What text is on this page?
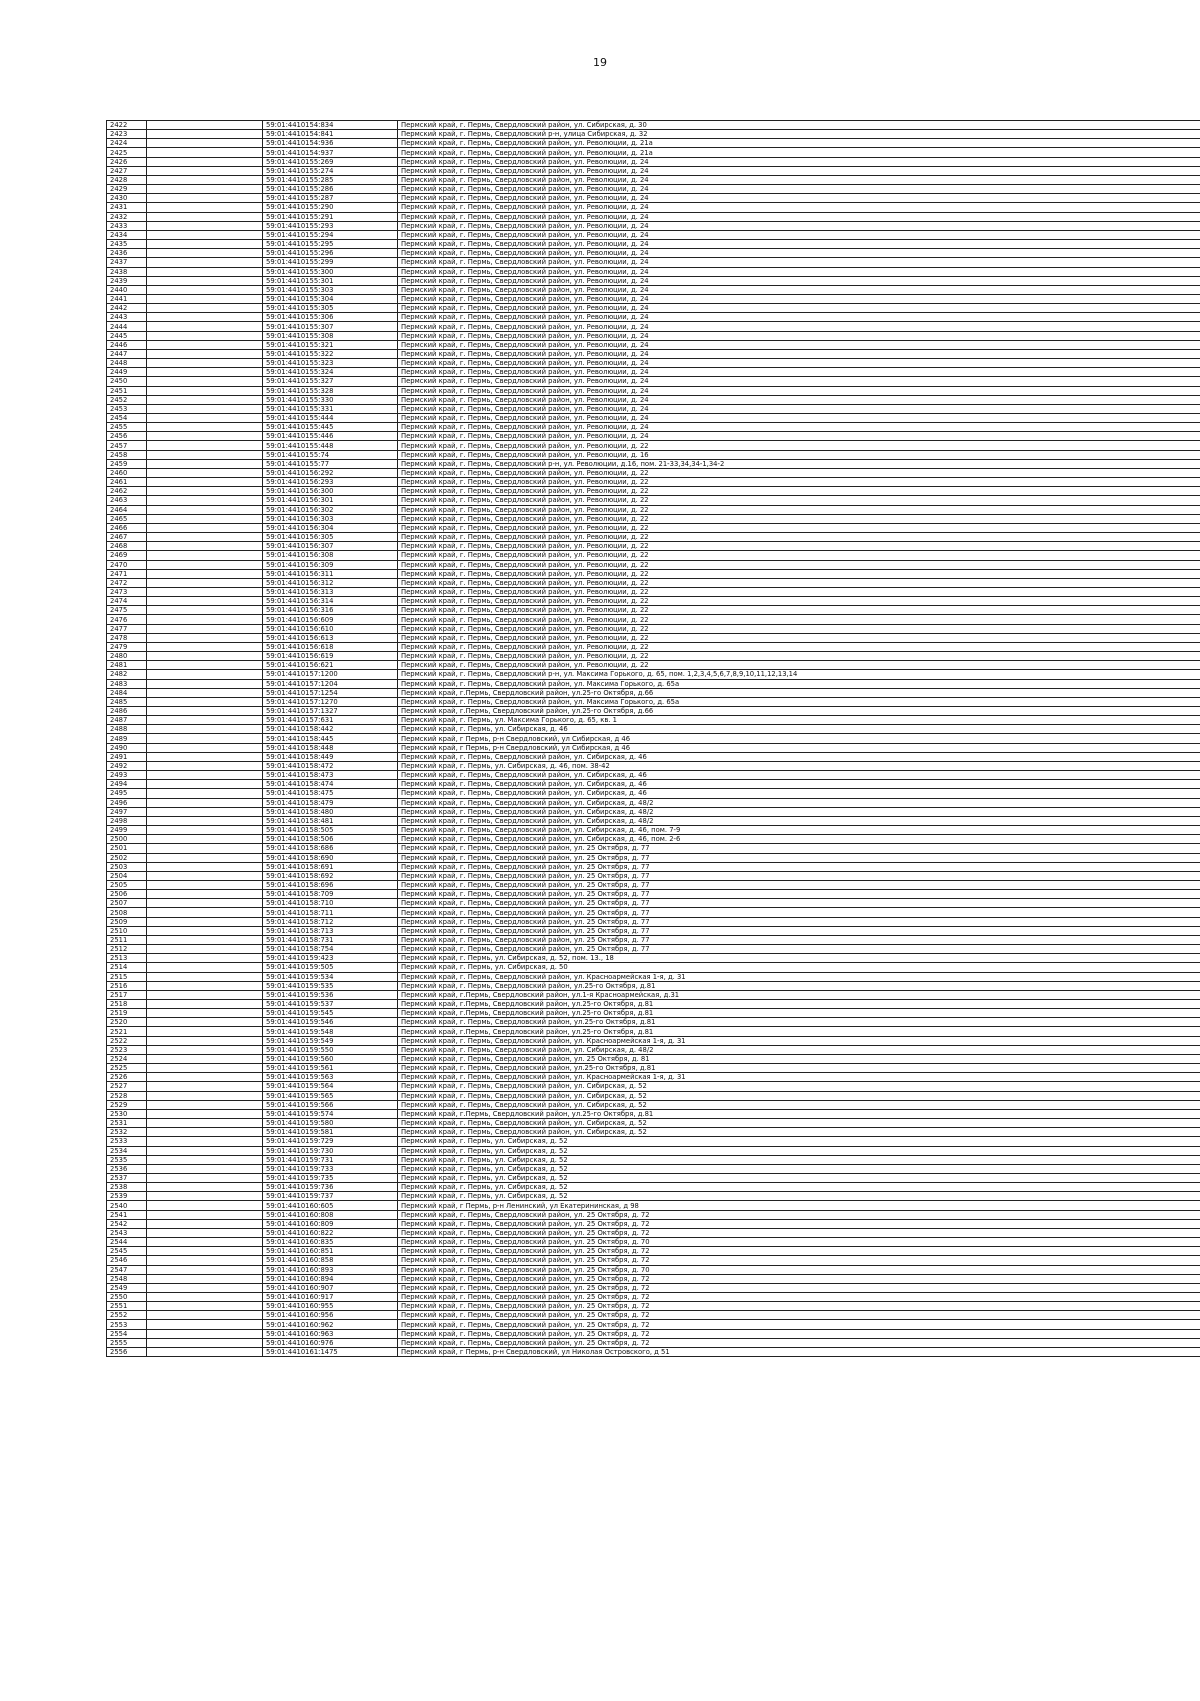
19
2422		59:01:4410154:834	Пермский край, г. Пермь, Свердловский район, ул. Сибирская, д. 30
2423		59:01:4410154:841	Пермский край, г. Пермь, Свердловский р-н, улица Сибирская, д. 32
2424		59:01:4410154:936	Пермский край, г. Пермь, Свердловский район, ул. Революции, д. 21а
2425		59:01:4410154:937	Пермский край, г. Пермь, Свердловский район, ул. Революции, д. 21а
2426		59:01:4410155:269	Пермский край, г. Пермь, Свердловский район, ул. Революции, д. 24
2427		59:01:4410155:274	Пермский край, г. Пермь, Свердловский район, ул. Революции, д. 24
2428		59:01:4410155:285	Пермский край, г. Пермь, Свердловский район, ул. Революции, д. 24
2429		59:01:4410155:286	Пермский край, г. Пермь, Свердловский район, ул. Революции, д. 24
2430		59:01:4410155:287	Пермский край, г. Пермь, Свердловский район, ул. Революции, д. 24
2431		59:01:4410155:290	Пермский край, г. Пермь, Свердловский район, ул. Революции, д. 24
2432		59:01:4410155:291	Пермский край, г. Пермь, Свердловский район, ул. Революции, д. 24
2433		59:01:4410155:293	Пермский край, г. Пермь, Свердловский район, ул. Революции, д. 24
2434		59:01:4410155:294	Пермский край, г. Пермь, Свердловский район, ул. Революции, д. 24
2435		59:01:4410155:295	Пермский край, г. Пермь, Свердловский район, ул. Революции, д. 24
2436		59:01:4410155:296	Пермский край, г. Пермь, Свердловский район, ул. Революции, д. 24
2437		59:01:4410155:299	Пермский край, г. Пермь, Свердловский район, ул. Революции, д. 24
2438		59:01:4410155:300	Пермский край, г. Пермь, Свердловский район, ул. Революции, д. 24
2439		59:01:4410155:301	Пермский край, г. Пермь, Свердловский район, ул. Революции, д. 24
2440		59:01:4410155:303	Пермский край, г. Пермь, Свердловский район, ул. Революции, д. 24
2441		59:01:4410155:304	Пермский край, г. Пермь, Свердловский район, ул. Революции, д. 24
2442		59:01:4410155:305	Пермский край, г. Пермь, Свердловский район, ул. Революции, д. 24
2443		59:01:4410155:306	Пермский край, г. Пермь, Свердловский район, ул. Революции, д. 24
2444		59:01:4410155:307	Пермский край, г. Пермь, Свердловский район, ул. Революции, д. 24
2445		59:01:4410155:308	Пермский край, г. Пермь, Свердловский район, ул. Революции, д. 24
2446		59:01:4410155:321	Пермский край, г. Пермь, Свердловский район, ул. Революции, д. 24
2447		59:01:4410155:322	Пермский край, г. Пермь, Свердловский район, ул. Революции, д. 24
2448		59:01:4410155:323	Пермский край, г. Пермь, Свердловский район, ул. Революции, д. 24
2449		59:01:4410155:324	Пермский край, г. Пермь, Свердловский район, ул. Революции, д. 24
2450		59:01:4410155:327	Пермский край, г. Пермь, Свердловский район, ул. Революции, д. 24
2451		59:01:4410155:328	Пермский край, г. Пермь, Свердловский район, ул. Революции, д. 24
2452		59:01:4410155:330	Пермский край, г. Пермь, Свердловский район, ул. Революции, д. 24
2453		59:01:4410155:331	Пермский край, г. Пермь, Свердловский район, ул. Революции, д. 24
2454		59:01:4410155:444	Пермский край, г. Пермь, Свердловский район, ул. Революции, д. 24
2455		59:01:4410155:445	Пермский край, г. Пермь, Свердловский район, ул. Революции, д. 24
2456		59:01:4410155:446	Пермский край, г. Пермь, Свердловский район, ул. Революции, д. 24
2457		59:01:4410155:448	Пермский край, г. Пермь, Свердловский район, ул. Революции, д. 22
2458		59:01:4410155:74	Пермский край, г. Пермь, Свердловский район, ул. Революции, д. 16
2459		59:01:4410155:77	Пермский край, г. Пермь, Свердловский р-н, ул. Революции, д.16, пом. 21-33,34,34-1,34-2
2460		59:01:4410156:292	Пермский край, г. Пермь, Свердловский район, ул. Революции, д. 22
2461		59:01:4410156:293	Пермский край, г. Пермь, Свердловский район, ул. Революции, д. 22
2462		59:01:4410156:300	Пермский край, г. Пермь, Свердловский район, ул. Революции, д. 22
2463		59:01:4410156:301	Пермский край, г. Пермь, Свердловский район, ул. Революции, д. 22
2464		59:01:4410156:302	Пермский край, г. Пермь, Свердловский район, ул. Революции, д. 22
2465		59:01:4410156:303	Пермский край, г. Пермь, Свердловский район, ул. Революции, д. 22
2466		59:01:4410156:304	Пермский край, г. Пермь, Свердловский район, ул. Революции, д. 22
2467		59:01:4410156:305	Пермский край, г. Пермь, Свердловский район, ул. Революции, д. 22
2468		59:01:4410156:307	Пермский край, г. Пермь, Свердловский район, ул. Революции, д. 22
2469		59:01:4410156:308	Пермский край, г. Пермь, Свердловский район, ул. Революции, д. 22
2470		59:01:4410156:309	Пермский край, г. Пермь, Свердловский район, ул. Революции, д. 22
2471		59:01:4410156:311	Пермский край, г. Пермь, Свердловский район, ул. Революции, д. 22
2472		59:01:4410156:312	Пермский край, г. Пермь, Свердловский район, ул. Революции, д. 22
2473		59:01:4410156:313	Пермский край, г. Пермь, Свердловский район, ул. Революции, д. 22
2474		59:01:4410156:314	Пермский край, г. Пермь, Свердловский район, ул. Революции, д. 22
2475		59:01:4410156:316	Пермский край, г. Пермь, Свердловский район, ул. Революции, д. 22
2476		59:01:4410156:609	Пермский край, г. Пермь, Свердловский район, ул. Революции, д. 22
2477		59:01:4410156:610	Пермский край, г. Пермь, Свердловский район, ул. Революции, д. 22
2478		59:01:4410156:613	Пермский край, г. Пермь, Свердловский район, ул. Революции, д. 22
2479		59:01:4410156:618	Пермский край, г. Пермь, Свердловский район, ул. Революции, д. 22
2480		59:01:4410156:619	Пермский край, г. Пермь, Свердловский район, ул. Революции, д. 22
2481		59:01:4410156:621	Пермский край, г. Пермь, Свердловский район, ул. Революции, д. 22
2482		59:01:4410157:1200	Пермский край, г. Пермь, Свердловский р-н, ул. Максима Горького, д. 65, пом. 1,2,3,4,5,6,7,8,9,10,11,12,13,14
2483		59:01:4410157:1204	Пермский край, г. Пермь, Свердловский район, ул. Максима Горького, д. 65а
2484		59:01:4410157:1254	Пермский край, г.Пермь, Свердловский район, ул.25-го Октября, д.66
2485		59:01:4410157:1270	Пермский край, г. Пермь, Свердловский район, ул. Максима Горького, д. 65а
2486		59:01:4410157:1327	Пермский край, г.Пермь, Свердловский район, ул.25-го Октября, д.66
2487		59:01:4410157:631	Пермский край, г. Пермь, ул. Максима Горького, д. 65, кв. 1
2488		59:01:4410158:442	Пермский край, г. Пермь, ул. Сибирская, д. 46
2489		59:01:4410158:445	Пермский край, г Пермь, р-н Свердловский, ул Сибирская, д 46
2490		59:01:4410158:448	Пермский край, г Пермь, р-н Свердловский, ул Сибирская, д 46
2491		59:01:4410158:449	Пермский край, г. Пермь, Свердловский район, ул. Сибирская, д. 46
2492		59:01:4410158:472	Пермский край, г. Пермь, ул. Сибирская, д. 46, пом. 38-42
2493		59:01:4410158:473	Пермский край, г. Пермь, Свердловский район, ул. Сибирская, д. 46
2494		59:01:4410158:474	Пермский край, г. Пермь, Свердловский район, ул. Сибирская, д. 46
2495		59:01:4410158:475	Пермский край, г. Пермь, Свердловский район, ул. Сибирская, д. 46
2496		59:01:4410158:479	Пермский край, г. Пермь, Свердловский район, ул. Сибирская, д. 48/2
2497		59:01:4410158:480	Пермский край, г. Пермь, Свердловский район, ул. Сибирская, д. 48/2
2498		59:01:4410158:481	Пермский край, г. Пермь, Свердловский район, ул. Сибирская, д. 48/2
2499		59:01:4410158:505	Пермский край, г. Пермь, Свердловский район, ул. Сибирская, д. 46, пом. 7-9
2500		59:01:4410158:506	Пермский край, г. Пермь, Свердловский район, ул. Сибирская, д. 46, пом. 2-6
2501		59:01:4410158:686	Пермский край, г. Пермь, Свердловский район, ул. 25 Октября, д. 77
2502		59:01:4410158:690	Пермский край, г. Пермь, Свердловский район, ул. 25 Октября, д. 77
2503		59:01:4410158:691	Пермский край, г. Пермь, Свердловский район, ул. 25 Октября, д. 77
2504		59:01:4410158:692	Пермский край, г. Пермь, Свердловский район, ул. 25 Октября, д. 77
2505		59:01:4410158:696	Пермский край, г. Пермь, Свердловский район, ул. 25 Октября, д. 77
2506		59:01:4410158:709	Пермский край, г. Пермь, Свердловский район, ул. 25 Октября, д. 77
2507		59:01:4410158:710	Пермский край, г. Пермь, Свердловский район, ул. 25 Октября, д. 77
2508		59:01:4410158:711	Пермский край, г. Пермь, Свердловский район, ул. 25 Октября, д. 77
2509		59:01:4410158:712	Пермский край, г. Пермь, Свердловский район, ул. 25 Октября, д. 77
2510		59:01:4410158:713	Пермский край, г. Пермь, Свердловский район, ул. 25 Октября, д. 77
2511		59:01:4410158:731	Пермский край, г. Пермь, Свердловский район, ул. 25 Октября, д. 77
2512		59:01:4410158:754	Пермский край, г. Пермь, Свердловский район, ул. 25 Октября, д. 77
2513		59:01:4410159:423	Пермский край, г. Пермь, ул. Сибирская, д. 52, пом. 13., 18
2514		59:01:4410159:505	Пермский край, г. Пермь, ул. Сибирская, д. 50
2515		59:01:4410159:534	Пермский край, г. Пермь, Свердловский район, ул. Красноармейская 1-я, д. 31
2516		59:01:4410159:535	Пермский край, г. Пермь, Свердловский район, ул.25-го Октября, д.81
2517		59:01:4410159:536	Пермский край, г.Пермь, Свердловский район, ул.1-я Красноармейская, д.31
2518		59:01:4410159:537	Пермский край, г.Пермь, Свердловский район, ул.25-го Октября, д.81
2519		59:01:4410159:545	Пермский край, г.Пермь, Свердловский район, ул.25-го Октября, д.81
2520		59:01:4410159:546	Пермский край, г. Пермь, Свердловский район, ул.25-го Октября, д.81
2521		59:01:4410159:548	Пермский край, г.Пермь, Свердловский район, ул.25-го Октября, д.81
2522		59:01:4410159:549	Пермский край, г. Пермь, Свердловский район, ул. Красноармейская 1-я, д. 31
2523		59:01:4410159:550	Пермский край, г. Пермь, Свердловский район, ул. Сибирская, д. 48/2
2524		59:01:4410159:560	Пермский край, г. Пермь, Свердловский район, ул. 25 Октября, д. 81
2525		59:01:4410159:561	Пермский край, г. Пермь, Свердловский район, ул.25-го Октября, д.81
2526		59:01:4410159:563	Пермский край, г. Пермь, Свердловский район, ул. Красноармейская 1-я, д. 31
2527		59:01:4410159:564	Пермский край, г. Пермь, Свердловский район, ул. Сибирская, д. 52
2528		59:01:4410159:565	Пермский край, г. Пермь, Свердловский район, ул. Сибирская, д. 52
2529		59:01:4410159:566	Пермский край, г. Пермь, Свердловский район, ул. Сибирская, д. 52
2530		59:01:4410159:574	Пермский край, г.Пермь, Свердловский район, ул.25-го Октября, д.81
2531		59:01:4410159:580	Пермский край, г. Пермь, Свердловский район, ул. Сибирская, д. 52
2532		59:01:4410159:581	Пермский край, г. Пермь, Свердловский район, ул. Сибирская, д. 52
2533		59:01:4410159:729	Пермский край, г. Пермь, ул. Сибирская, д. 52
2534		59:01:4410159:730	Пермский край, г. Пермь, ул. Сибирская, д. 52
2535		59:01:4410159:731	Пермский край, г. Пермь, ул. Сибирская, д. 52
2536		59:01:4410159:733	Пермский край, г. Пермь, ул. Сибирская, д. 52
2537		59:01:4410159:735	Пермский край, г. Пермь, ул. Сибирская, д. 52
2538		59:01:4410159:736	Пермский край, г. Пермь, ул. Сибирская, д. 52
2539		59:01:4410159:737	Пермский край, г. Пермь, ул. Сибирская, д. 52
2540		59:01:4410160:605	Пермский край, г Пермь, р-н Ленинский, ул Екатерининская, д 98
2541		59:01:4410160:808	Пермский край, г. Пермь, Свердловский район, ул. 25 Октября, д. 72
2542		59:01:4410160:809	Пермский край, г. Пермь, Свердловский район, ул. 25 Октября, д. 72
2543		59:01:4410160:822	Пермский край, г. Пермь, Свердловский район, ул. 25 Октября, д. 72
2544		59:01:4410160:835	Пермский край, г. Пермь, Свердловский район, ул. 25 Октября, д. 70
2545		59:01:4410160:851	Пермский край, г. Пермь, Свердловский район, ул. 25 Октября, д. 72
2546		59:01:4410160:858	Пермский край, г. Пермь, Свердловский район, ул. 25 Октября, д. 72
2547		59:01:4410160:893	Пермский край, г. Пермь, Свердловский район, ул. 25 Октября, д. 70
2548		59:01:4410160:894	Пермский край, г. Пермь, Свердловский район, ул. 25 Октября, д. 72
2549		59:01:4410160:907	Пермский край, г. Пермь, Свердловский район, ул. 25 Октября, д. 72
2550		59:01:4410160:917	Пермский край, г. Пермь, Свердловский район, ул. 25 Октября, д. 72
2551		59:01:4410160:955	Пермский край, г. Пермь, Свердловский район, ул. 25 Октября, д. 72
2552		59:01:4410160:956	Пермский край, г. Пермь, Свердловский район, ул. 25 Октября, д. 72
2553		59:01:4410160:962	Пермский край, г. Пермь, Свердловский район, ул. 25 Октября, д. 72
2554		59:01:4410160:963	Пермский край, г. Пермь, Свердловский район, ул. 25 Октября, д. 72
2555		59:01:4410160:976	Пермский край, г. Пермь, Свердловский район, ул. 25 Октября, д. 72
2556		59:01:4410161:1475	Пермский край, г Пермь, р-н Свердловский, ул Николая Островского, д 51
